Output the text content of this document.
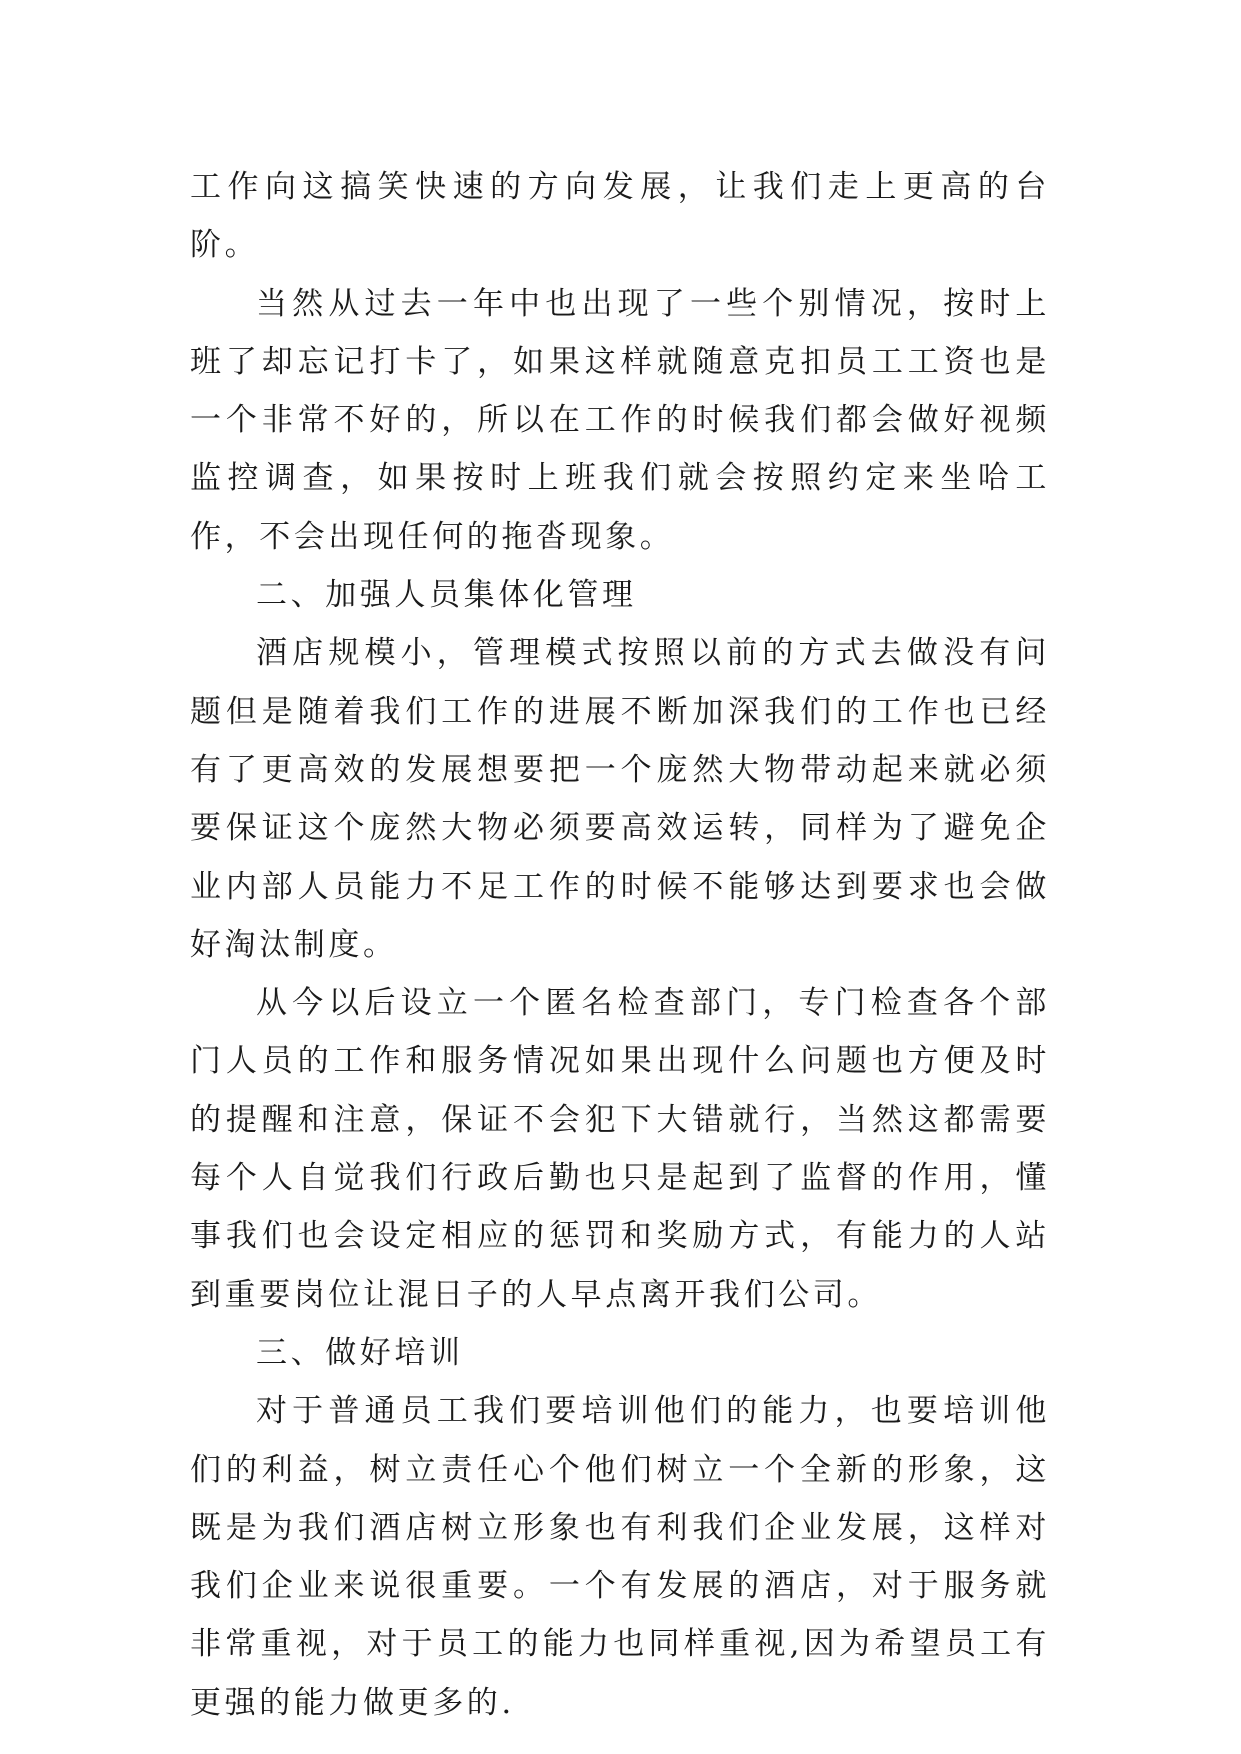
工作向这搞笑快速的方向发展，让我们走上更高的台阶。

当然从过去一年中也出现了一些个别情况，按时上班了却忘记打卡了，如果这样就随意克扣员工工资也是一个非常不好的，所以在工作的时候我们都会做好视频监控调查，如果按时上班我们就会按照约定来坐哈工作，不会出现任何的拖沓现象。

二、加强人员集体化管理

酒店规模小，管理模式按照以前的方式去做没有问题但是随着我们工作的进展不断加深我们的工作也已经有了更高效的发展想要把一个庞然大物带动起来就必须要保证这个庞然大物必须要高效运转，同样为了避免企业内部人员能力不足工作的时候不能够达到要求也会做好淘汰制度。

从今以后设立一个匿名检查部门，专门检查各个部门人员的工作和服务情况如果出现什么问题也方便及时的提醒和注意，保证不会犯下大错就行，当然这都需要每个人自觉我们行政后勤也只是起到了监督的作用，懂事我们也会设定相应的惩罚和奖励方式，有能力的人站到重要岗位让混日子的人早点离开我们公司。

三、做好培训

对于普通员工我们要培训他们的能力，也要培训他们的利益，树立责任心个他们树立一个全新的形象，这既是为我们酒店树立形象也有利我们企业发展，这样对我们企业来说很重要。一个有发展的酒店，对于服务就非常重视，对于员工的能力也同样重视,因为希望员工有更强的能力做更多的.
